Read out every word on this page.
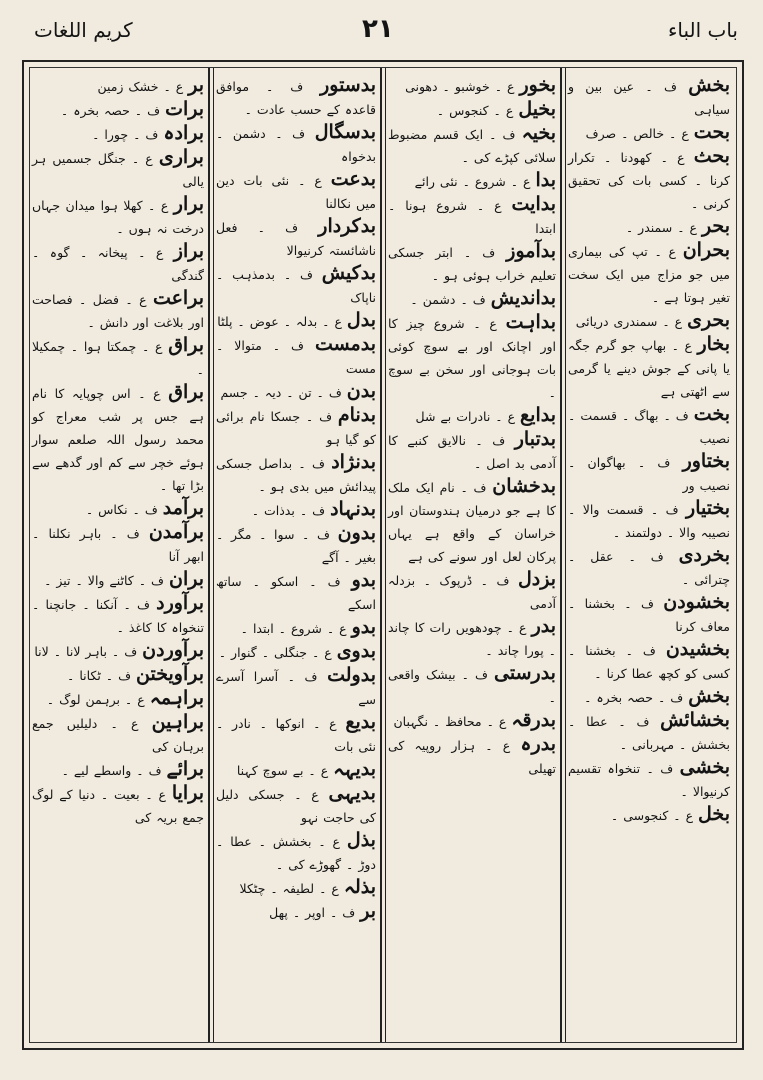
کریم اللغات	۲۱	باب الباء
بخش ف ۔ عین بین و سیاہی
بحت ع ۔ خالص ۔ صرف
بحث ع ۔ کھودنا ۔ تکرار کرنا ۔ کسی بات کی تحقیق کرنی ۔
بحر ع ۔ سمندر ۔
بحران ع ۔ تپ کی بیماری میں جو مزاج میں ایک سخت تغیر ہوتا ہے ۔
بحری ع ۔ سمندری دریائی
بخار ع ۔ بھاپ جو گرم جگہ یا پانی کے جوش دینے یا گرمی سے اٹھتی ہے
بخت ف ۔ بھاگ ۔ قسمت ۔ نصیب
بختاور ف ۔ بھاگوان ۔ نصیب ور
بختیار ف ۔ قسمت والا ۔ نصیبہ والا ۔ دولتمند ۔
بخردی ف ۔ عقل ۔ چترائی ۔
بخشودن ف ۔ بخشنا ۔ معاف کرنا
بخشیدن ف ۔ بخشنا ۔ کسی کو کچھ عطا کرنا ۔
بخش ف ۔ حصہ بخرہ ۔
بخشائش ف ۔ عطا ۔ بخشش ۔ مہربانی ۔
بخشی ف ۔ تنخواہ تقسیم کرنیوالا ۔
بخل ع ۔ کنجوسی ۔
بخور ع ۔ خوشبو ۔ دھونی
بخیل ع ۔ کنجوس ۔
بخیہ ف ۔ ایک قسم مضبوط سلائی کپڑے کی ۔
بدا ع ۔ شروع ۔ نئی رائے
بدایت ع ۔ شروع ہونا ۔ ابتدا
بدآموز ف ۔ ابتر جسکی تعلیم خراب ہوئی ہو ۔
بداندیش ف ۔ دشمن ۔
بداہت ع ۔ شروع چیز کا اور اچانک اور بے سوچ کوئی بات ہوجانی اور سخن بے سوچ ۔
بدایع ع ۔ نادرات بے شل
بدتبار ف ۔ نالایق کنبے کا آدمی بد اصل ۔
بدخشان ف ۔ نام ایک ملک کا ہے جو درمیان ہندوستان اور خراسان کے واقع ہے یہاں پرکان لعل اور سونے کی ہے
بزدل ف ۔ ڈرپوک ۔ بزدلہ آدمی
بدر ع ۔ چودھویں رات کا چاند ۔ پورا چاند ۔
بدرستی ف ۔ بیشک واقعی ۔
بدرقہ ع ۔ محافظ ۔ نگہبان
بدرہ ع ۔ ہزار روپیہ کی تھیلی
بدستور ف ۔ موافق قاعدہ کے حسب عادت ۔
بدسگال ف ۔ دشمن ۔ بدخواہ
بدعت ع ۔ نئی بات دین میں نکالنا
بدکردار ف ۔ فعل ناشائستہ کرنیوالا
بدکیش ف ۔ بدمذہب ۔ ناپاک
بدل ع ۔ بدلہ ۔ عوض ۔ پلٹا
بدمست ف ۔ متوالا ۔ مست
بدن ف ۔ تن ۔ دیہ ۔ جسم
بدنام ف ۔ جسکا نام برائی کو گیا ہو
بدنژاد ف ۔ بداصل جسکی پیدائش میں بدی ہو ۔
بدنہاد ف ۔ بدذات ۔
بدون ف ۔ سوا ۔ مگر ۔ بغیر ۔ آگے
بدو ف ۔ اسکو ۔ ساتھ اسکے
بدو ع ۔ شروع ۔ ابتدا ۔
بدوی ع ۔ جنگلی ۔ گنوار ۔
بدولت ف ۔ آسرا آسرے سے
بدیع ع ۔ انوکھا ۔ نادر ۔ نئی بات
بدیہہ ع ۔ بے سوچ کہنا
بدیہی ع ۔ جسکی دلیل کی حاجت نہو
بذل ع ۔ بخشش ۔ عطا ۔ دوڑ ۔ گھوڑے کی ۔
بذلہ ع ۔ لطیفہ ۔ چٹکلا
بر ف ۔ اوپر ۔ پھل
بر ع ۔ خشک زمین
برات ف ۔ حصہ بخرہ ۔
برادہ ف ۔ چورا ۔
براری ع ۔ جنگل جسمیں ہر یالی
برار ع ۔ کھلا ہوا میدان جہاں درخت نہ ہوں ۔
براز ع ۔ پیخانہ ۔ گوہ ۔ گندگی
براعت ع ۔ فضل ۔ فصاحت اور بلاغت اور دانش ۔
براق ع ۔ چمکتا ہوا ۔ چمکیلا ۔
براق ع ۔ اس چوپایہ کا نام ہے جس پر شب معراج کو محمد رسول اللہ صلعم سوار ہوئے خچر سے کم اور گدھے سے بڑا تھا ۔
برآمد ف ۔ نکاس ۔
برآمدن ف ۔ باہر نکلنا ۔ ابھر آنا
بران ف ۔ کاٹنے والا ۔ تیز ۔
برآورد ف ۔ آنکنا ۔ جانچنا ۔ تنخواہ کا کاغذ ۔
برآوردن ف ۔ باہر لانا ۔ لانا
برآویختن ف ۔ ٹکانا ۔
براہمہ ع ۔ برہمن لوگ ۔
براہین ع ۔ دلیلیں جمع برہان کی
برائے ف ۔ واسطے لیے ۔
برایا ع ۔ بعیت ۔ دنیا کے لوگ جمع بریہ کی
